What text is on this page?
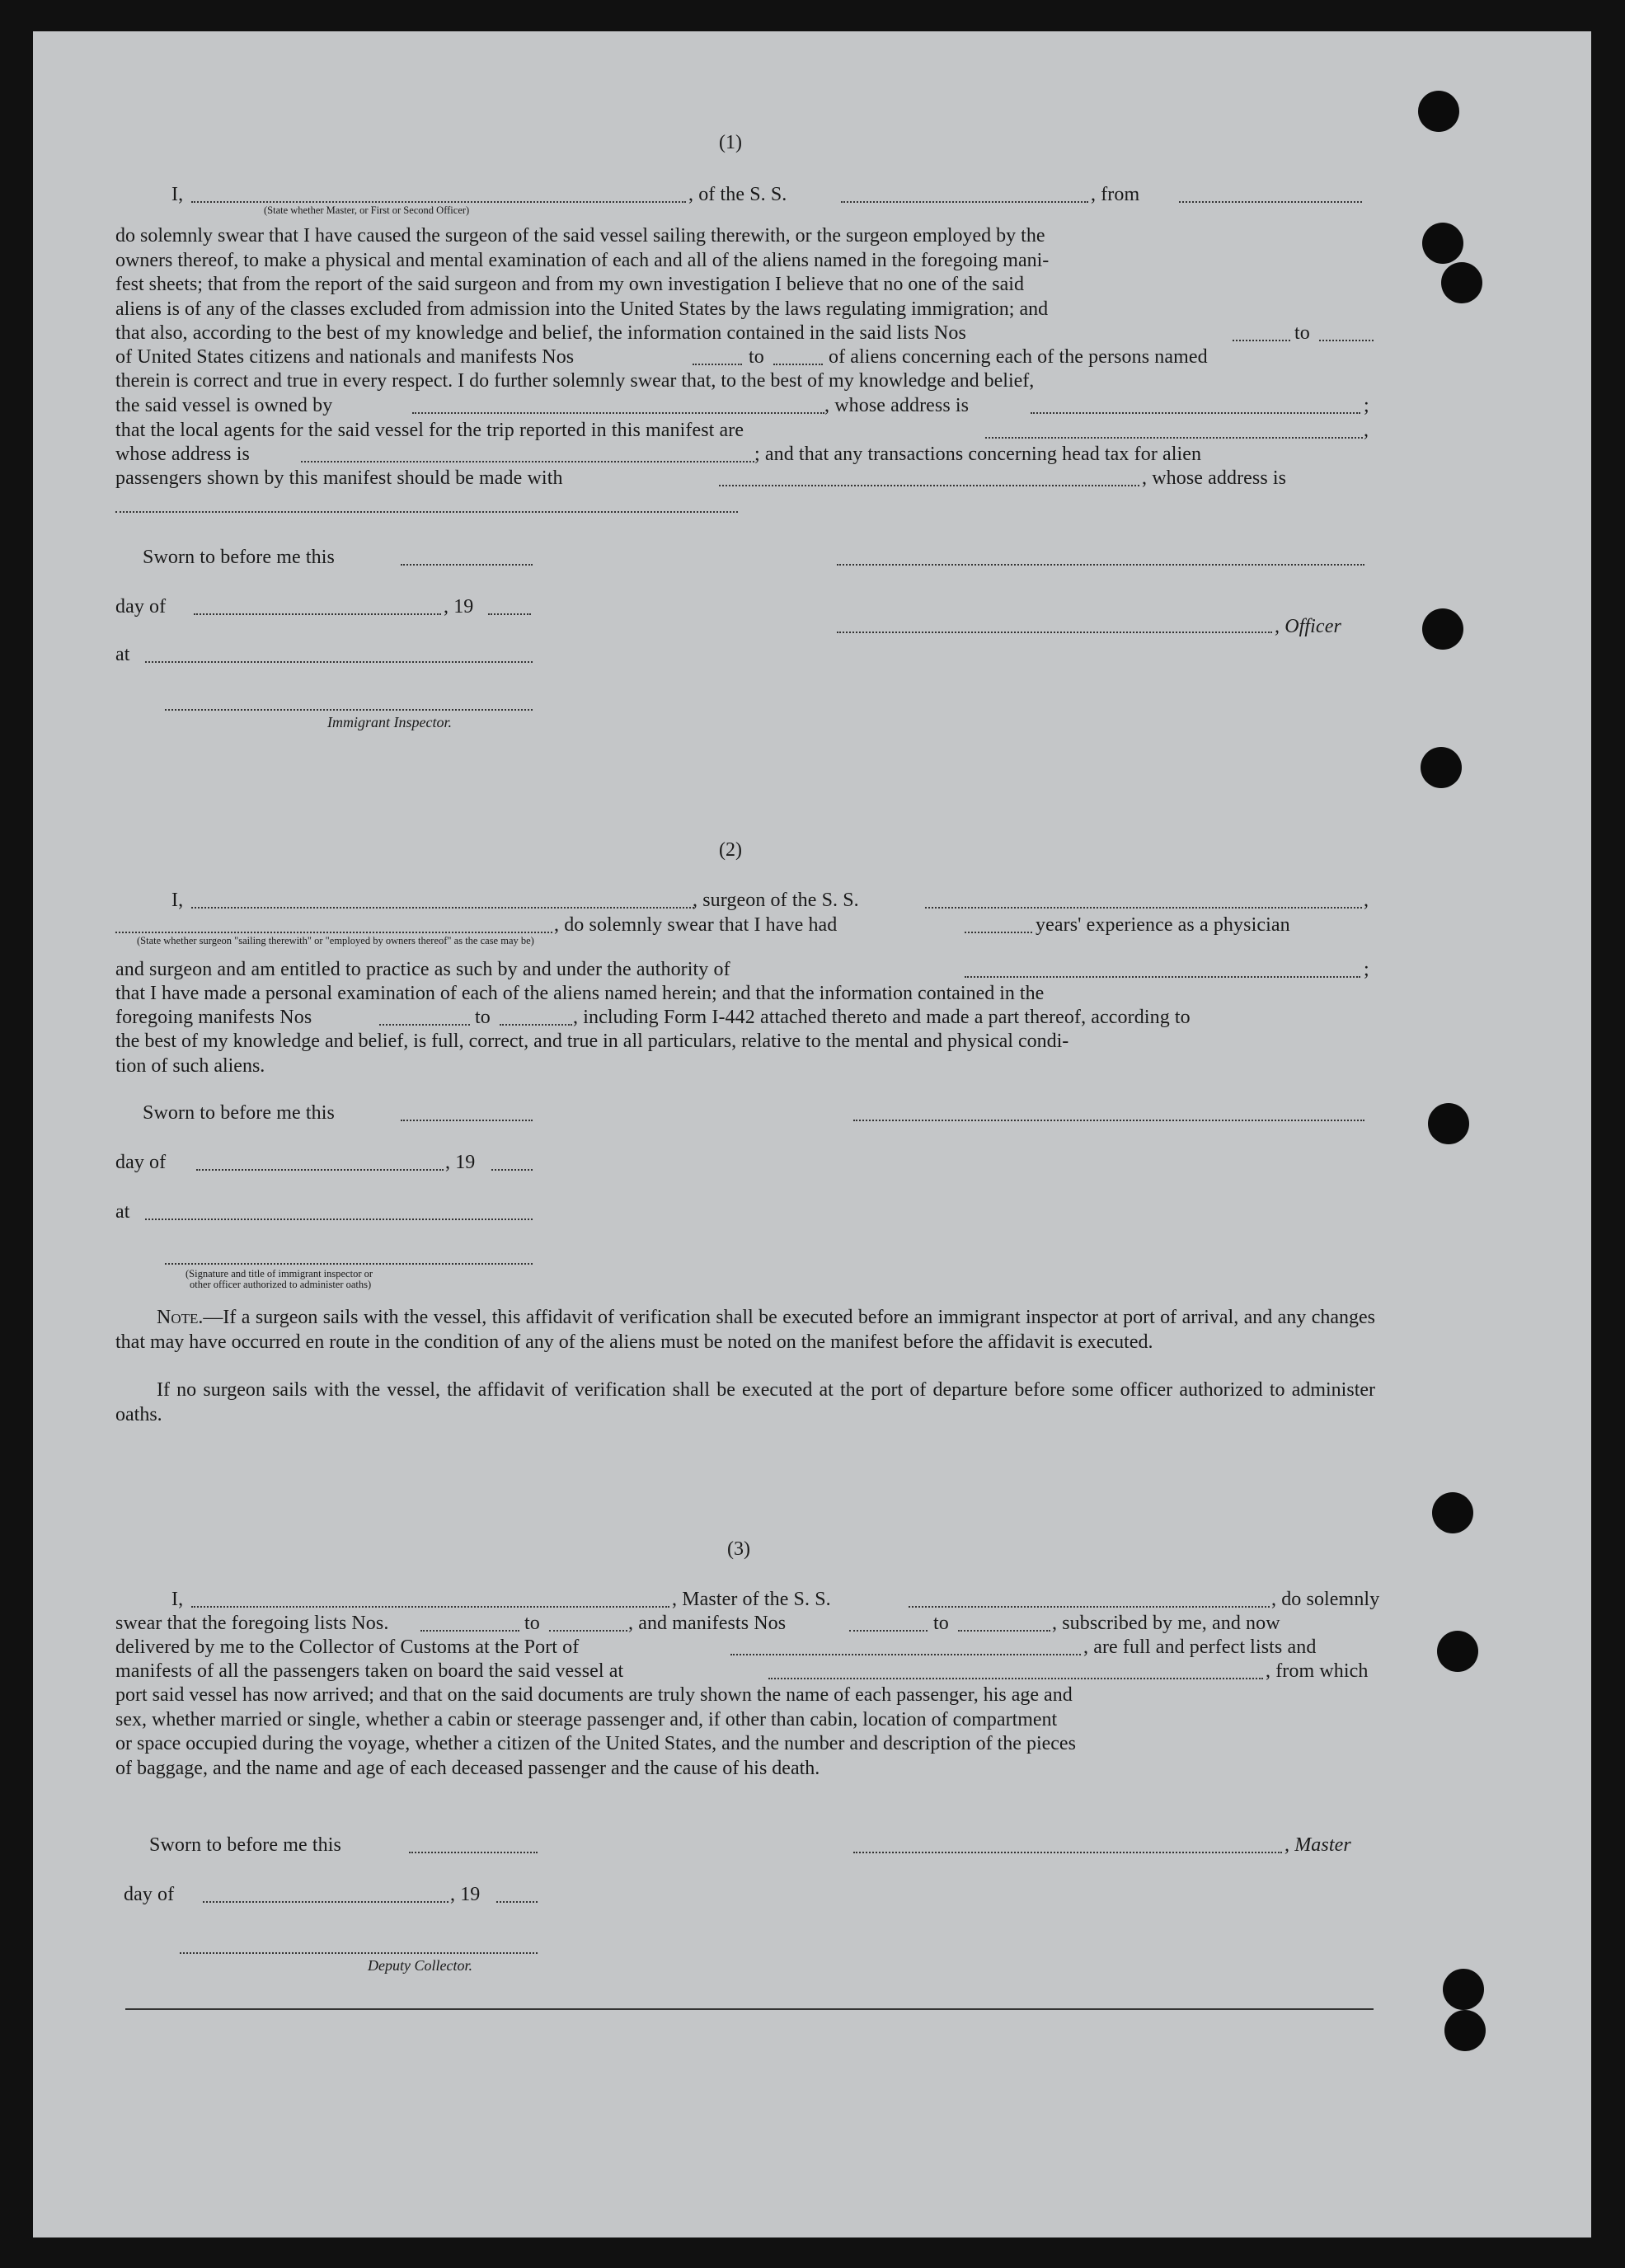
(1)
I,	, of the S. S.	, from
(State whether Master, or First or Second Officer)
do solemnly swear that I have caused the surgeon of the said vessel sailing therewith, or the surgeon employed by the
owners thereof, to make a physical and mental examination of each and all of the aliens named in the foregoing mani-
fest sheets; that from the report of the said surgeon and from my own investigation I believe that no one of the said
aliens is of any of the classes excluded from admission into the United States by the laws regulating immigration; and
that also, according to the best of my knowledge and belief, the information contained in the said lists Nos	to
of United States citizens and nationals and manifests Nos	to	of aliens concerning each of the persons named
therein is correct and true in every respect. I do further solemnly swear that, to the best of my knowledge and belief,
the said vessel is owned by	, whose address is	;
that the local agents for the said vessel for the trip reported in this manifest are	,
whose address is	; and that any transactions concerning head tax for alien
passengers shown by this manifest should be made with	, whose address is
Sworn to before me this
day of	, 19
, Officer
at
Immigrant Inspector.
(2)
I,	, surgeon of the S. S.	,
, do solemnly swear that I have had	years' experience as a physician
(State whether surgeon "sailing therewith" or "employed by owners thereof" as the case may be)
and surgeon and am entitled to practice as such by and under the authority of	;
that I have made a personal examination of each of the aliens named herein; and that the information contained in the
foregoing manifests Nos	to	, including Form I-442 attached thereto and made a part thereof, according to
the best of my knowledge and belief, is full, correct, and true in all particulars, relative to the mental and physical condi-
tion of such aliens.
Sworn to before me this
day of	, 19
at
(Signature and title of immigrant inspector or
other officer authorized to administer oaths)
Note.—If a surgeon sails with the vessel, this affidavit of verification shall be executed before an immigrant inspector at port of arrival, and any changes that may have occurred en route in the condition of any of the aliens must be noted on the manifest before the affidavit is executed.
If no surgeon sails with the vessel, the affidavit of verification shall be executed at the port of departure before some officer authorized to administer oaths.
(3)
I,	, Master of the S. S.	, do solemnly
swear that the foregoing lists Nos.	to	, and manifests Nos	to	, subscribed by me, and now
delivered by me to the Collector of Customs at the Port of	, are full and perfect lists and
manifests of all the passengers taken on board the said vessel at	, from which
port said vessel has now arrived; and that on the said documents are truly shown the name of each passenger, his age and
sex, whether married or single, whether a cabin or steerage passenger and, if other than cabin, location of compartment
or space occupied during the voyage, whether a citizen of the United States, and the number and description of the pieces
of baggage, and the name and age of each deceased passenger and the cause of his death.
Sworn to before me this	, Master
day of	, 19
Deputy Collector.
